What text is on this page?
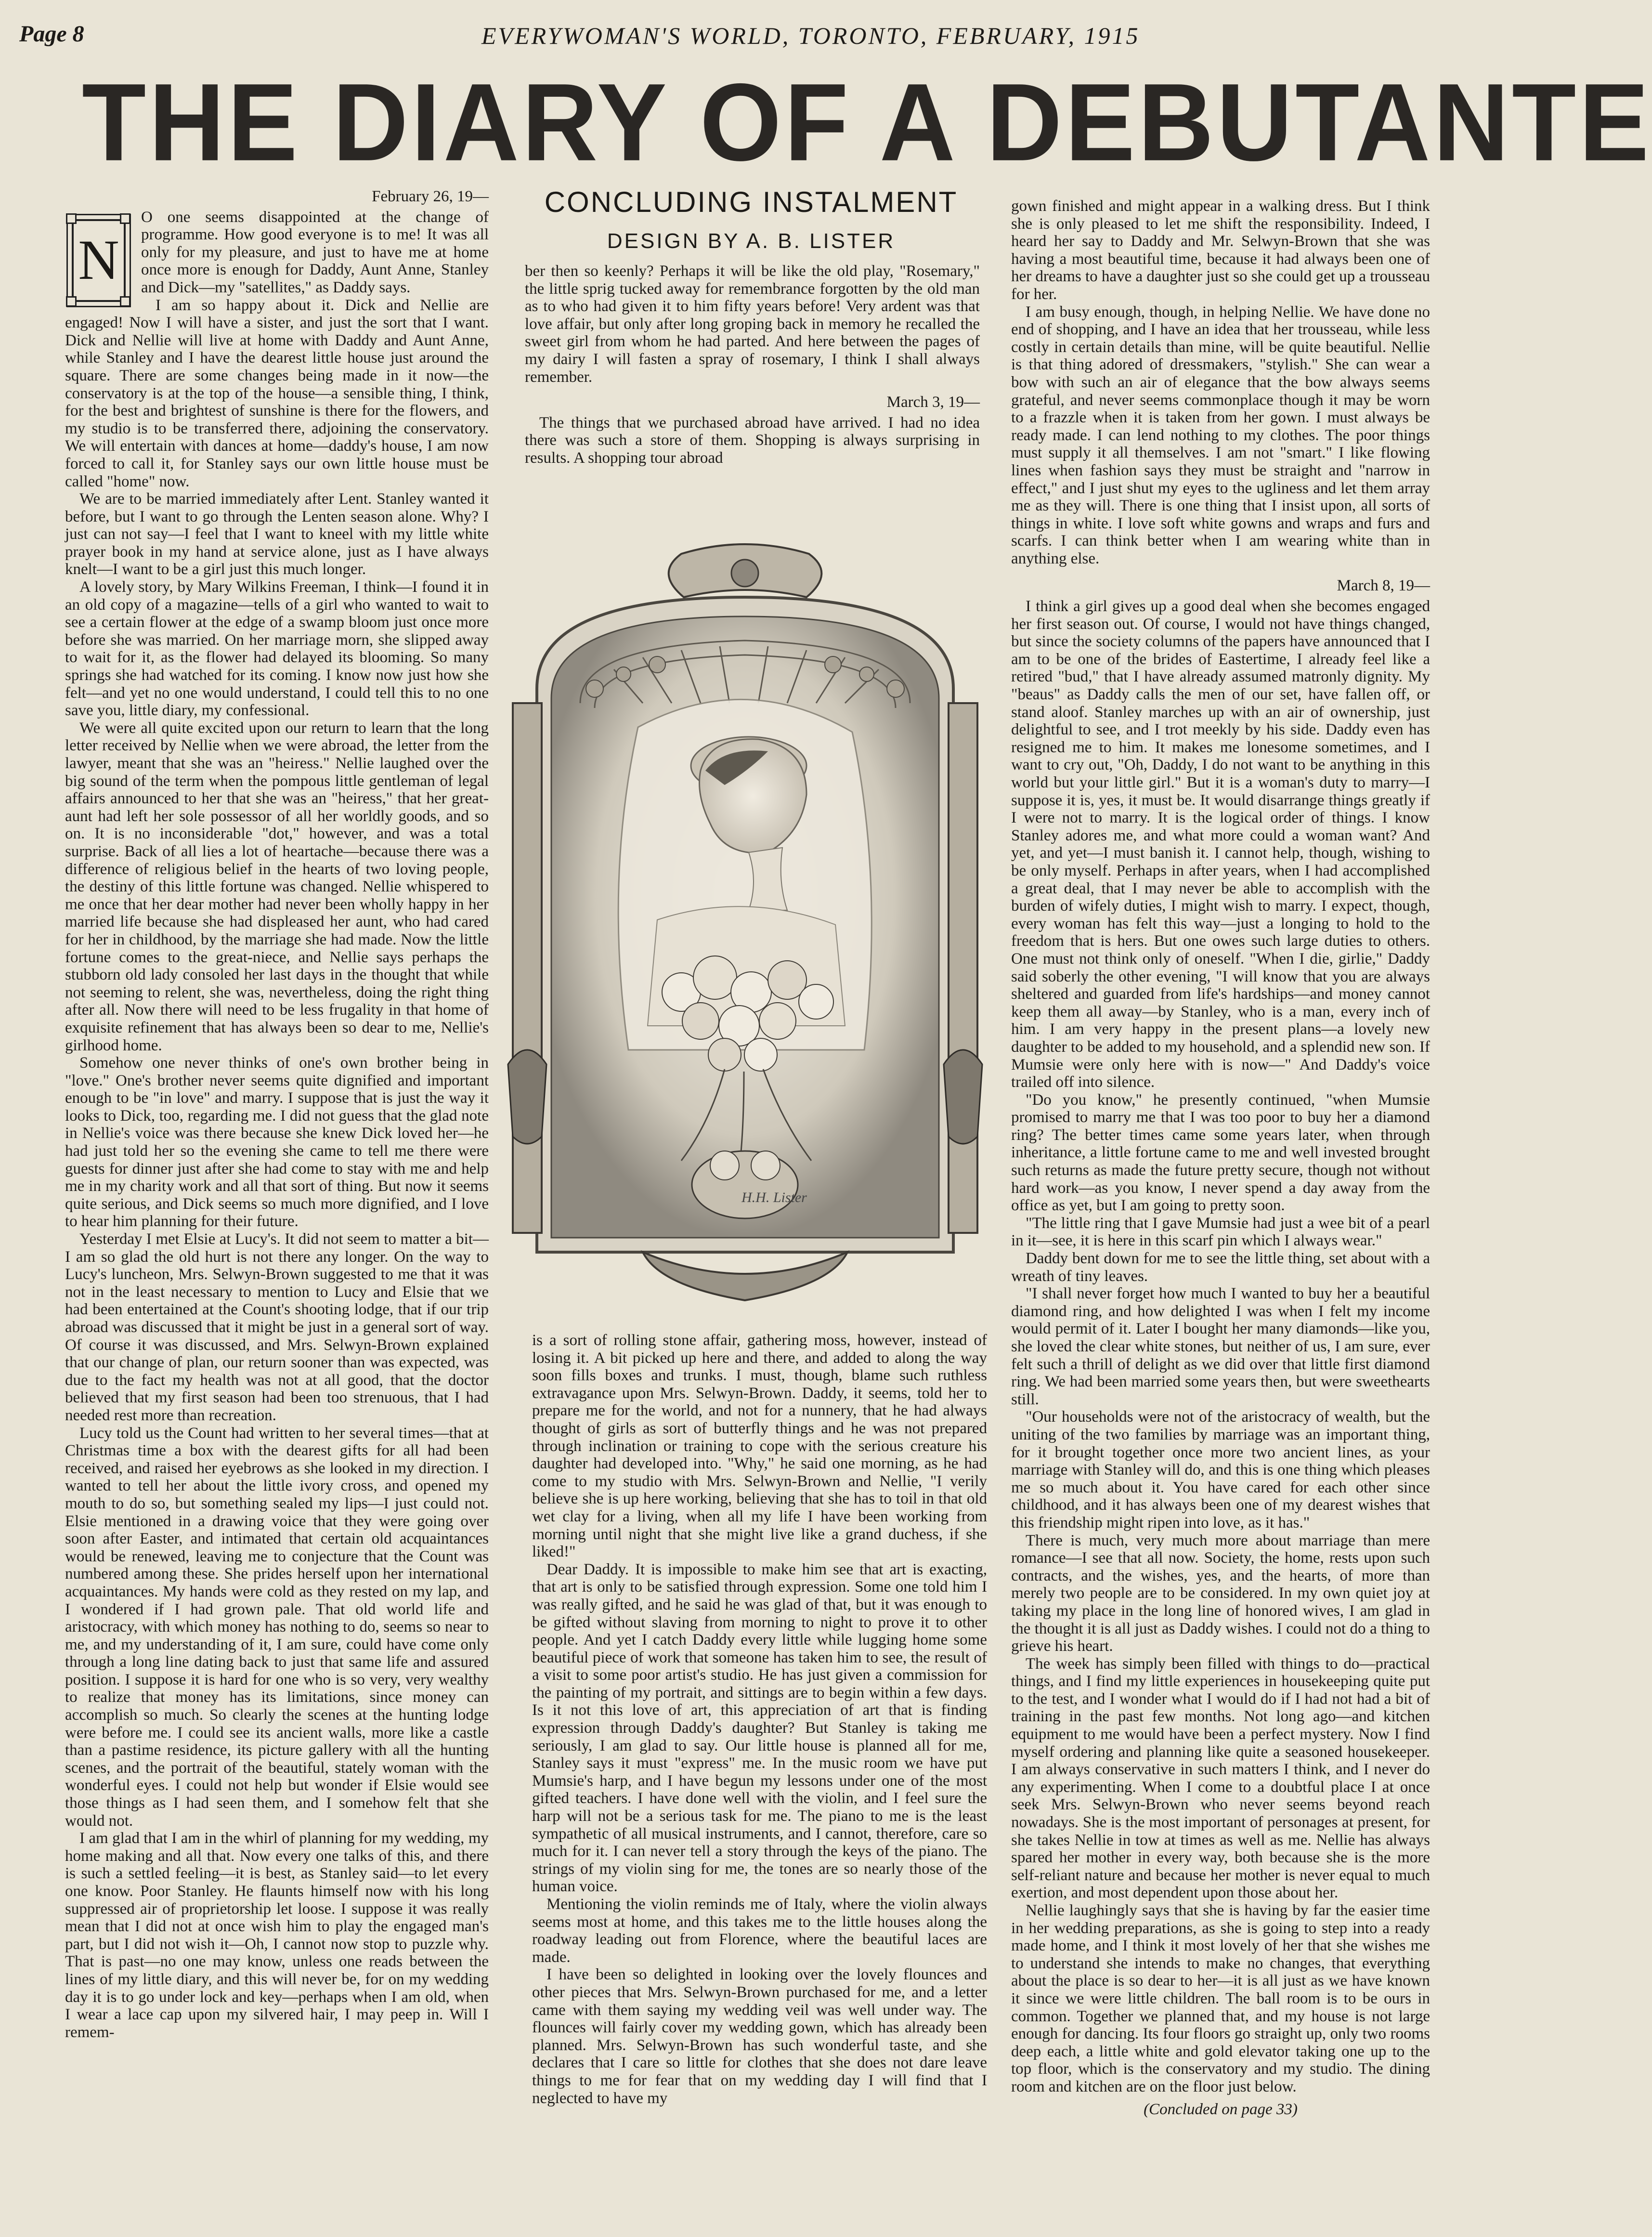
Page 8	EVERYWOMAN'S WORLD, TORONTO, FEBRUARY, 1915
THE DIARY OF A DEBUTANTE
February 26, 19—
N

O one seems disappointed at the change of programme. How good everyone is to me! It was all only for my pleasure, and just to have me at home once more is enough for Daddy, Aunt Anne, Stanley and Dick—my "satellites," as Daddy says.

I am so happy about it. Dick and Nellie are engaged! Now I will have a sister, and just the sort that I want. Dick and Nellie will live at home with Daddy and Aunt Anne, while Stanley and I have the dearest little house just around the square. There are some changes being made in it now—the conservatory is at the top of the house—a sensible thing, I think, for the best and brightest of sunshine is there for the flowers, and my studio is to be transferred there, adjoining the conservatory. We will entertain with dances at home—daddy's house, I am now forced to call it, for Stanley says our own little house must be called "home" now.

We are to be married immediately after Lent. Stanley wanted it before, but I want to go through the Lenten season alone. Why? I just can not say—I feel that I want to kneel with my little white prayer book in my hand at service alone, just as I have always knelt—I want to be a girl just this much longer.

A lovely story, by Mary Wilkins Freeman, I think—I found it in an old copy of a magazine—tells of a girl who wanted to wait to see a certain flower at the edge of a swamp bloom just once more before she was married. On her marriage morn, she slipped away to wait for it, as the flower had delayed its blooming. So many springs she had watched for its coming. I know now just how she felt—and yet no one would understand, I could tell this to no one save you, little diary, my confessional.

We were all quite excited upon our return to learn that the long letter received by Nellie when we were abroad, the letter from the lawyer, meant that she was an "heiress." Nellie laughed over the big sound of the term when the pompous little gentleman of legal affairs announced to her that she was an "heiress," that her great-aunt had left her sole possessor of all her worldly goods, and so on. It is no inconsiderable "dot," however, and was a total surprise. Back of all lies a lot of heartache—because there was a difference of religious belief in the hearts of two loving people, the destiny of this little fortune was changed. Nellie whispered to me once that her dear mother had never been wholly happy in her married life because she had displeased her aunt, who had cared for her in childhood, by the marriage she had made. Now the little fortune comes to the great-niece, and Nellie says perhaps the stubborn old lady consoled her last days in the thought that while not seeming to relent, she was, nevertheless, doing the right thing after all. Now there will need to be less frugality in that home of exquisite refinement that has always been so dear to me, Nellie's girlhood home.

Somehow one never thinks of one's own brother being in "love." One's brother never seems quite dignified and important enough to be "in love" and marry. I suppose that is just the way it looks to Dick, too, regarding me. I did not guess that the glad note in Nellie's voice was there because she knew Dick loved her—he had just told her so the evening she came to tell me there were guests for dinner just after she had come to stay with me and help me in my charity work and all that sort of thing. But now it seems quite serious, and Dick seems so much more dignified, and I love to hear him planning for their future.

Yesterday I met Elsie at Lucy's. It did not seem to matter a bit—I am so glad the old hurt is not there any longer. On the way to Lucy's luncheon, Mrs. Selwyn-Brown suggested to me that it was not in the least necessary to mention to Lucy and Elsie that we had been entertained at the Count's shooting lodge, that if our trip abroad was discussed that it might be just in a general sort of way. Of course it was discussed, and Mrs. Selwyn-Brown explained that our change of plan, our return sooner than was expected, was due to the fact my health was not at all good, that the doctor believed that my first season had been too strenuous, that I had needed rest more than recreation.

Lucy told us the Count had written to her several times—that at Christmas time a box with the dearest gifts for all had been received, and raised her eyebrows as she looked in my direction. I wanted to tell her about the little ivory cross, and opened my mouth to do so, but something sealed my lips—I just could not. Elsie mentioned in a drawing voice that they were going over soon after Easter, and intimated that certain old acquaintances would be renewed, leaving me to conjecture that the Count was numbered among these. She prides herself upon her international acquaintances. My hands were cold as they rested on my lap, and I wondered if I had grown pale. That old world life and aristocracy, with which money has nothing to do, seems so near to me, and my understanding of it, I am sure, could have come only through a long line dating back to just that same life and assured position. I suppose it is hard for one who is so very, very wealthy to realize that money has its limitations, since money can accomplish so much. So clearly the scenes at the hunting lodge were before me. I could see its ancient walls, more like a castle than a pastime residence, its picture gallery with all the hunting scenes, and the portrait of the beautiful, stately woman with the wonderful eyes. I could not help but wonder if Elsie would see those things as I had seen them, and I somehow felt that she would not.

I am glad that I am in the whirl of planning for my wedding, my home making and all that. Now every one talks of this, and there is such a settled feeling—it is best, as Stanley said—to let every one know. Poor Stanley. He flaunts himself now with his long suppressed air of proprietorship let loose. I suppose it was really mean that I did not at once wish him to play the engaged man's part, but I did not wish it—Oh, I cannot now stop to puzzle why. That is past—no one may know, unless one reads between the lines of my little diary, and this will never be, for on my wedding day it is to go under lock and key—perhaps when I am old, when I wear a lace cap upon my silvered hair, I may peep in. Will I remem-

CONCLUDING INSTALMENT
DESIGN BY A. B. LISTER

ber then so keenly? Perhaps it will be like the old play, "Rosemary," the little sprig tucked away for remembrance forgotten by the old man as to who had given it to him fifty years before! Very ardent was that love affair, but only after long groping back in memory he recalled the sweet girl from whom he had parted. And here between the pages of my dairy I will fasten a spray of rosemary, I think I shall always remember.

March 3, 19—

The things that we purchased abroad have arrived. I had no idea there was such a store of them. Shopping is always surprising in results. A shopping tour abroad

H.H. Lister

is a sort of rolling stone affair, gathering moss, however, instead of losing it. A bit picked up here and there, and added to along the way soon fills boxes and trunks. I must, though, blame such ruthless extravagance upon Mrs. Selwyn-Brown. Daddy, it seems, told her to prepare me for the world, and not for a nunnery, that he had always thought of girls as sort of butterfly things and he was not prepared through inclination or training to cope with the serious creature his daughter had developed into. "Why," he said one morning, as he had come to my studio with Mrs. Selwyn-Brown and Nellie, "I verily believe she is up here working, believing that she has to toil in that old wet clay for a living, when all my life I have been working from morning until night that she might live like a grand duchess, if she liked!"

Dear Daddy. It is impossible to make him see that art is exacting, that art is only to be satisfied through expression. Some one told him I was really gifted, and he said he was glad of that, but it was enough to be gifted without slaving from morning to night to prove it to other people. And yet I catch Daddy every little while lugging home some beautiful piece of work that someone has taken him to see, the result of a visit to some poor artist's studio. He has just given a commission for the painting of my portrait, and sittings are to begin within a few days. Is it not this love of art, this appreciation of art that is finding expression through Daddy's daughter? But Stanley is taking me seriously, I am glad to say. Our little house is planned all for me, Stanley says it must "express" me. In the music room we have put Mumsie's harp, and I have begun my lessons under one of the most gifted teachers. I have done well with the violin, and I feel sure the harp will not be a serious task for me. The piano to me is the least sympathetic of all musical instruments, and I cannot, therefore, care so much for it. I can never tell a story through the keys of the piano. The strings of my violin sing for me, the tones are so nearly those of the human voice.

Mentioning the violin reminds me of Italy, where the violin always seems most at home, and this takes me to the little houses along the roadway leading out from Florence, where the beautiful laces are made.

I have been so delighted in looking over the lovely flounces and other pieces that Mrs. Selwyn-Brown purchased for me, and a letter came with them saying my wedding veil was well under way. The flounces will fairly cover my wedding gown, which has already been planned. Mrs. Selwyn-Brown has such wonderful taste, and she declares that I care so little for clothes that she does not dare leave things to me for fear that on my wedding day I will find that I neglected to have my

gown finished and might appear in a walking dress. But I think she is only pleased to let me shift the responsibility. Indeed, I heard her say to Daddy and Mr. Selwyn-Brown that she was having a most beautiful time, because it had always been one of her dreams to have a daughter just so she could get up a trousseau for her.

I am busy enough, though, in helping Nellie. We have done no end of shopping, and I have an idea that her trousseau, while less costly in certain details than mine, will be quite beautiful. Nellie is that thing adored of dressmakers, "stylish." She can wear a bow with such an air of elegance that the bow always seems grateful, and never seems commonplace though it may be worn to a frazzle when it is taken from her gown. I must always be ready made. I can lend nothing to my clothes. The poor things must supply it all themselves. I am not "smart." I like flowing lines when fashion says they must be straight and "narrow in effect," and I just shut my eyes to the ugliness and let them array me as they will. There is one thing that I insist upon, all sorts of things in white. I love soft white gowns and wraps and furs and scarfs. I can think better when I am wearing white than in anything else.

March 8, 19—

I think a girl gives up a good deal when she becomes engaged her first season out. Of course, I would not have things changed, but since the society columns of the papers have announced that I am to be one of the brides of Eastertime, I already feel like a retired "bud," that I have already assumed matronly dignity. My "beaus" as Daddy calls the men of our set, have fallen off, or stand aloof. Stanley marches up with an air of ownership, just delightful to see, and I trot meekly by his side. Daddy even has resigned me to him. It makes me lonesome sometimes, and I want to cry out, "Oh, Daddy, I do not want to be anything in this world but your little girl." But it is a woman's duty to marry—I suppose it is, yes, it must be. It would disarrange things greatly if I were not to marry. It is the logical order of things. I know Stanley adores me, and what more could a woman want? And yet, and yet—I must banish it. I cannot help, though, wishing to be only myself. Perhaps in after years, when I had accomplished a great deal, that I may never be able to accomplish with the burden of wifely duties, I might wish to marry. I expect, though, every woman has felt this way—just a longing to hold to the freedom that is hers. But one owes such large duties to others. One must not think only of oneself. "When I die, girlie," Daddy said soberly the other evening, "I will know that you are always sheltered and guarded from life's hardships—and money cannot keep them all away—by Stanley, who is a man, every inch of him. I am very happy in the present plans—a lovely new daughter to be added to my household, and a splendid new son. If Mumsie were only here with is now—" And Daddy's voice trailed off into silence.

"Do you know," he presently continued, "when Mumsie promised to marry me that I was too poor to buy her a diamond ring? The better times came some years later, when through inheritance, a little fortune came to me and well invested brought such returns as made the future pretty secure, though not without hard work—as you know, I never spend a day away from the office as yet, but I am going to pretty soon.

"The little ring that I gave Mumsie had just a wee bit of a pearl in it—see, it is here in this scarf pin which I always wear."

Daddy bent down for me to see the little thing, set about with a wreath of tiny leaves.

"I shall never forget how much I wanted to buy her a beautiful diamond ring, and how delighted I was when I felt my income would permit of it. Later I bought her many diamonds—like you, she loved the clear white stones, but neither of us, I am sure, ever felt such a thrill of delight as we did over that little first diamond ring. We had been married some years then, but were sweethearts still.

"Our households were not of the aristocracy of wealth, but the uniting of the two families by marriage was an important thing, for it brought together once more two ancient lines, as your marriage with Stanley will do, and this is one thing which pleases me so much about it. You have cared for each other since childhood, and it has always been one of my dearest wishes that this friendship might ripen into love, as it has."

There is much, very much more about marriage than mere romance—I see that all now. Society, the home, rests upon such contracts, and the wishes, yes, and the hearts, of more than merely two people are to be considered. In my own quiet joy at taking my place in the long line of honored wives, I am glad in the thought it is all just as Daddy wishes. I could not do a thing to grieve his heart.

The week has simply been filled with things to do—practical things, and I find my little experiences in housekeeping quite put to the test, and I wonder what I would do if I had not had a bit of training in the past few months. Not long ago—and kitchen equipment to me would have been a perfect mystery. Now I find myself ordering and planning like quite a seasoned housekeeper. I am always conservative in such matters I think, and I never do any experimenting. When I come to a doubtful place I at once seek Mrs. Selwyn-Brown who never seems beyond reach nowadays. She is the most important of personages at present, for she takes Nellie in tow at times as well as me. Nellie has always spared her mother in every way, both because she is the more self-reliant nature and because her mother is never equal to much exertion, and most dependent upon those about her.

Nellie laughingly says that she is having by far the easier time in her wedding preparations, as she is going to step into a ready made home, and I think it most lovely of her that she wishes me to understand she intends to make no changes, that everything about the place is so dear to her—it is all just as we have known it since we were little children. The ball room is to be ours in common. Together we planned that, and my house is not large enough for dancing. Its four floors go straight up, only two rooms deep each, a little white and gold elevator taking one up to the top floor, which is the conservatory and my studio. The dining room and kitchen are on the floor just below.

(Concluded on page 33)
